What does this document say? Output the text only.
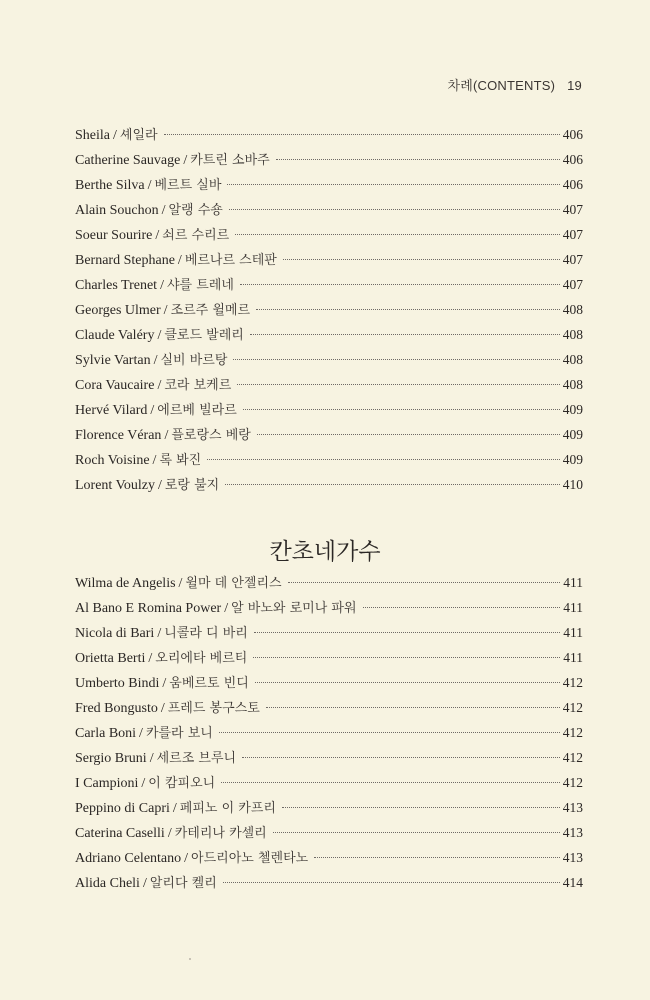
차례(CONTENTS) 19
Sheila / 셰일라	406
Catherine Sauvage / 카트린 소바주	406
Berthe Silva / 베르트 실바	406
Alain Souchon / 알랭 수숑	407
Soeur Sourire / 쇠르 수리르	407
Bernard Stephane / 베르나르 스테판	407
Charles Trenet / 샤를 트레네	407
Georges Ulmer / 조르주 윌메르	408
Claude Valéry / 클로드 발레리	408
Sylvie Vartan / 실비 바르탕	408
Cora Vaucaire / 코라 보케르	408
Hervé Vilard / 에르베 빌라르	409
Florence Véran / 플로랑스 베랑	409
Roch Voisine / 록 봐진	409
Lorent Voulzy / 로랑 불지	410
칸초네가수
Wilma de Angelis / 윌마 데 안젤리스	411
Al Bano E Romina Power / 알 바노와 로미나 파워	411
Nicola di Bari / 니콜라 디 바리	411
Orietta Berti / 오리에타 베르티	411
Umberto Bindi / 움베르토 빈디	412
Fred Bongusto / 프레드 봉구스토	412
Carla Boni / 카를라 보니	412
Sergio Bruni / 세르조 브루니	412
I Campioni / 이 캄피오니	412
Peppino di Capri / 페피노 이 카프리	413
Caterina Caselli / 카테리나 카셀리	413
Adriano Celentano / 아드리아노 첼렌타노	413
Alida Cheli / 알리다 켈리	414
